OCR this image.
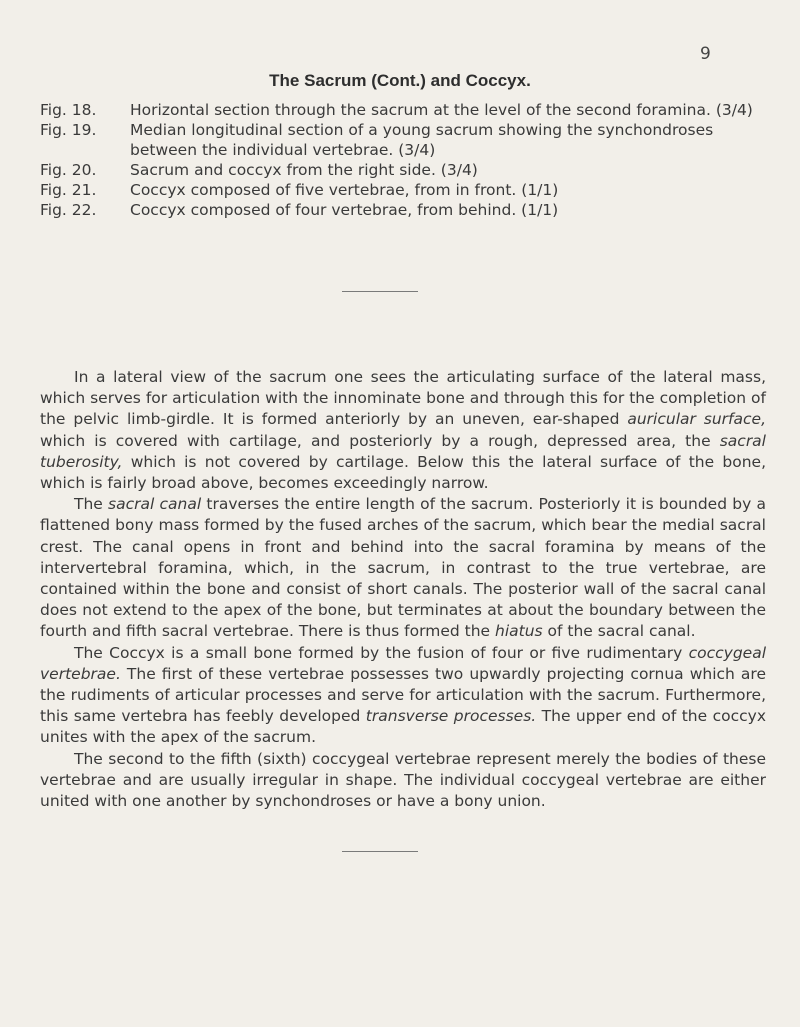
9
The Sacrum (Cont.) and Coccyx.
Fig. 18.	Horizontal section through the sacrum at the level of the second foramina. (3/4)
Fig. 19.	Median longitudinal section of a young sacrum showing the synchondroses between the individual vertebrae. (3/4)
Fig. 20.	Sacrum and coccyx from the right side. (3/4)
Fig. 21.	Coccyx composed of five vertebrae, from in front. (1/1)
Fig. 22.	Coccyx composed of four vertebrae, from behind. (1/1)

In a lateral view of the sacrum one sees the articulating surface of the lateral mass, which serves for articulation with the innominate bone and through this for the completion of the pelvic limb-girdle. It is formed anteriorly by an uneven, ear-shaped auricular surface, which is covered with cartilage, and posteriorly by a rough, depressed area, the sacral tuberosity, which is not covered by cartilage. Below this the lateral surface of the bone, which is fairly broad above, becomes exceedingly narrow.

The sacral canal traverses the entire length of the sacrum. Posteriorly it is bounded by a flattened bony mass formed by the fused arches of the sacrum, which bear the medial sacral crest. The canal opens in front and behind into the sacral foramina by means of the intervertebral foramina, which, in the sacrum, in contrast to the true vertebrae, are contained within the bone and consist of short canals. The posterior wall of the sacral canal does not extend to the apex of the bone, but terminates at about the boundary between the fourth and fifth sacral vertebrae. There is thus formed the hiatus of the sacral canal.

The Coccyx is a small bone formed by the fusion of four or five rudimentary coccygeal vertebrae. The first of these vertebrae possesses two upwardly projecting cornua which are the rudiments of articular processes and serve for articulation with the sacrum. Furthermore, this same vertebra has feebly developed transverse processes. The upper end of the coccyx unites with the apex of the sacrum.

The second to the fifth (sixth) coccygeal vertebrae represent merely the bodies of these vertebrae and are usually irregular in shape. The individual coccygeal vertebrae are either united with one another by synchondroses or have a bony union.
